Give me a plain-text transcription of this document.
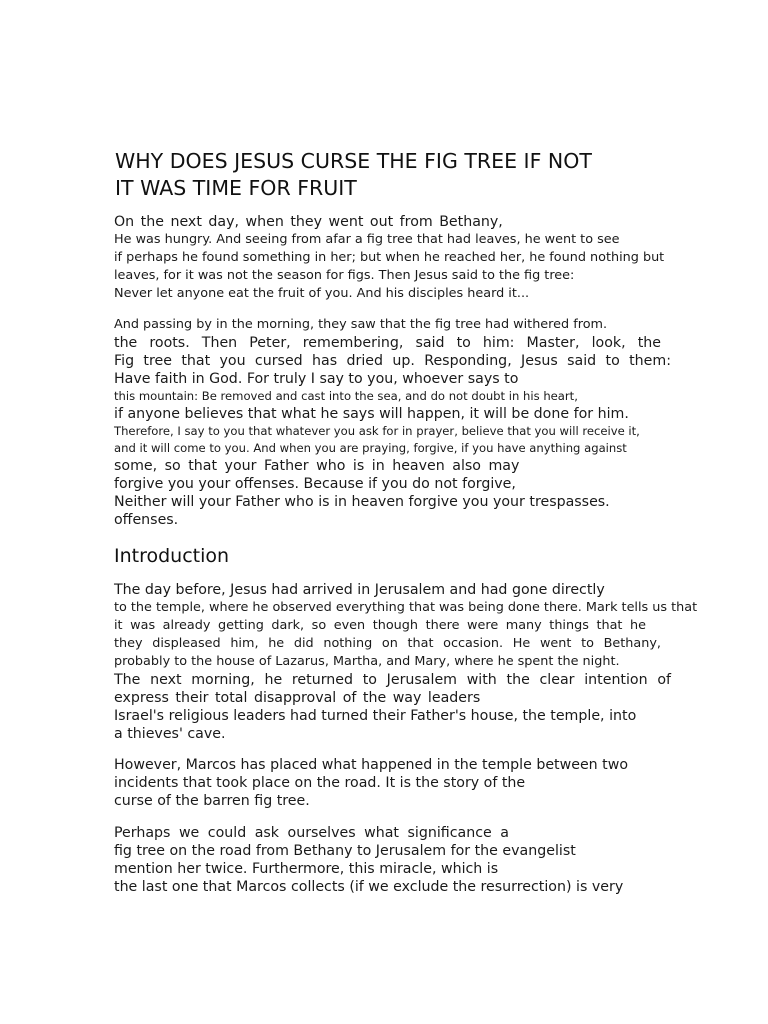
WHY DOES JESUS CURSE THE FIG TREE IF NOT
IT WAS TIME FOR FRUIT
On the next day, when they went out from Bethany,
He was hungry. And seeing from afar a fig tree that had leaves, he went to see
if perhaps he found something in her; but when he reached her, he found nothing but
leaves, for it was not the season for figs. Then Jesus said to the fig tree:
Never let anyone eat the fruit of you. And his disciples heard it...
And passing by in the morning, they saw that the fig tree had withered from.
the roots. Then Peter, remembering, said to him: Master, look, the
Fig tree that you cursed has dried up. Responding, Jesus said to them:
Have faith in God. For truly I say to you, whoever says to
this mountain: Be removed and cast into the sea, and do not doubt in his heart,
if anyone believes that what he says will happen, it will be done for him.
Therefore, I say to you that whatever you ask for in prayer, believe that you will receive it,
and it will come to you. And when you are praying, forgive, if you have anything against
some, so that your Father who is in heaven also may
forgive you your offenses. Because if you do not forgive,
Neither will your Father who is in heaven forgive you your trespasses.
offenses.
Introduction
The day before, Jesus had arrived in Jerusalem and had gone directly
to the temple, where he observed everything that was being done there. Mark tells us that
it was already getting dark, so even though there were many things that he
they displeased him, he did nothing on that occasion. He went to Bethany,
probably to the house of Lazarus, Martha, and Mary, where he spent the night.
The next morning, he returned to Jerusalem with the clear intention of
express their total disapproval of the way leaders
Israel's religious leaders had turned their Father's house, the temple, into
a thieves' cave.
However, Marcos has placed what happened in the temple between two
incidents that took place on the road. It is the story of the
curse of the barren fig tree.
Perhaps we could ask ourselves what significance a
fig tree on the road from Bethany to Jerusalem for the evangelist
mention her twice. Furthermore, this miracle, which is
the last one that Marcos collects (if we exclude the resurrection) is very
